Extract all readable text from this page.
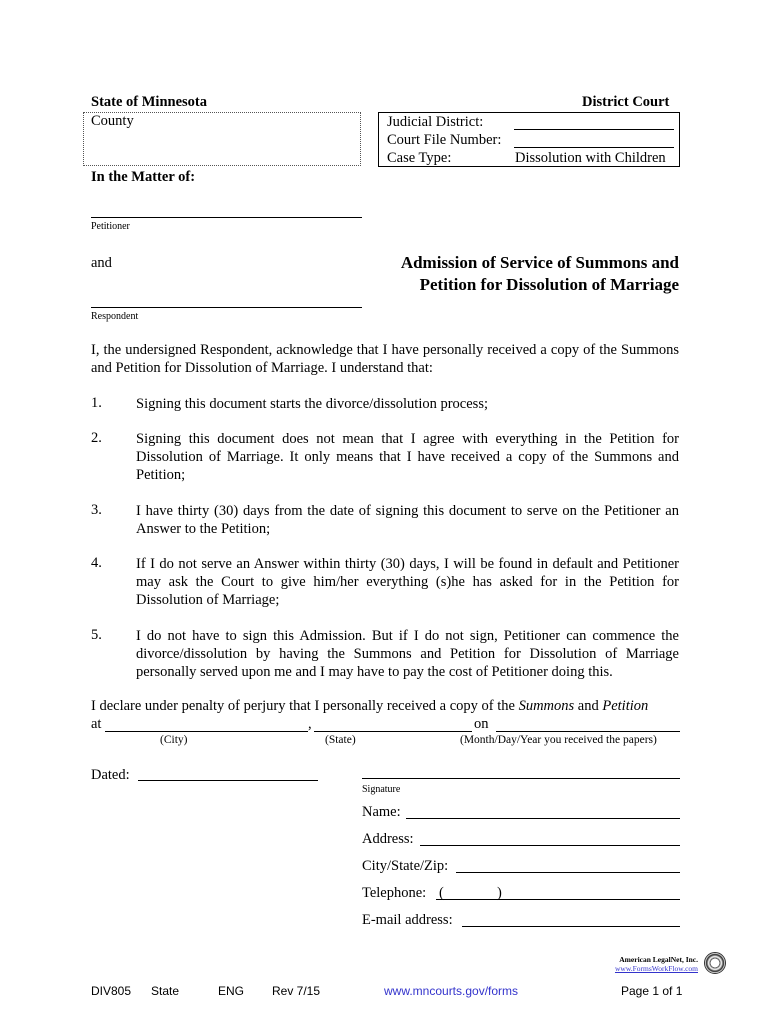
State of Minnesota	District Court
County	Judicial District:
Court File Number:
Case Type:	Dissolution with Children
In the Matter of:
Petitioner
and
Respondent
Admission of Service of Summons and
Petition for Dissolution of Marriage
I, the undersigned Respondent, acknowledge that I have personally received a copy of the Summons and Petition for Dissolution of Marriage. I understand that:
1. Signing this document starts the divorce/dissolution process;
2. Signing this document does not mean that I agree with everything in the Petition for Dissolution of Marriage. It only means that I have received a copy of the Summons and Petition;
3. I have thirty (30) days from the date of signing this document to serve on the Petitioner an Answer to the Petition;
4. If I do not serve an Answer within thirty (30) days, I will be found in default and Petitioner may ask the Court to give him/her everything (s)he has asked for in the Petition for Dissolution of Marriage;
5. I do not have to sign this Admission. But if I do not sign, Petitioner can commence the divorce/dissolution by having the Summons and Petition for Dissolution of Marriage personally served upon me and I may have to pay the cost of Petitioner doing this.
I declare under penalty of perjury that I personally received a copy of the Summons and Petition
at	,	on
(City)	(State)	(Month/Day/Year you received the papers)
Dated:
Signature
Name:
Address:
City/State/Zip:
Telephone: (	)
E-mail address:
American LegalNet, Inc.
www.FormsWorkFlow.com
DIV805 State	ENG Rev 7/15	www.mncourts.gov/forms	Page 1 of 1
